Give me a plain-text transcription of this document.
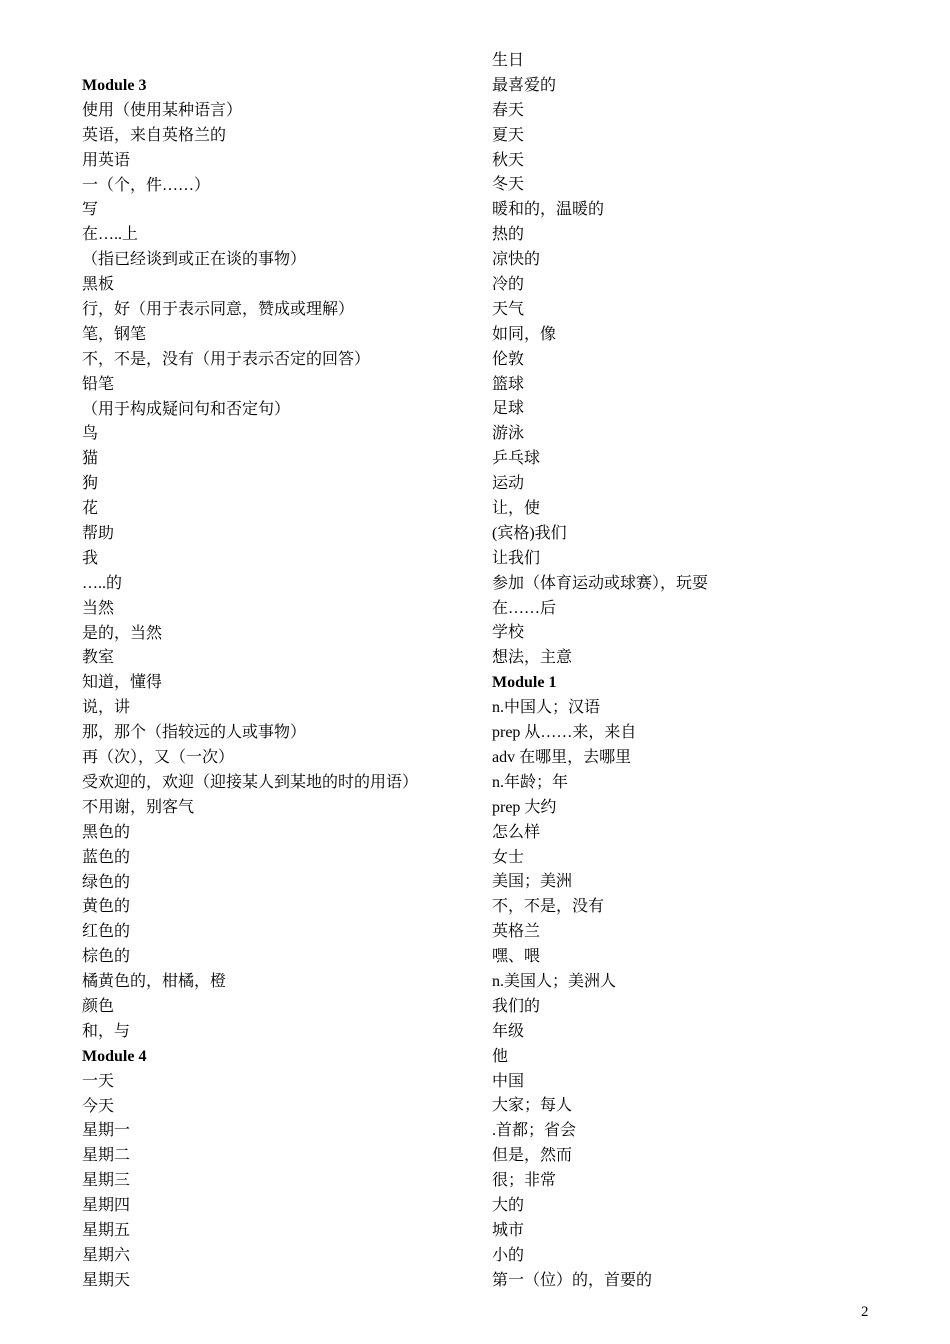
Module 3
使用（使用某种语言）
英语，来自英格兰的
用英语
一（个，件……）
写
在…..上
（指已经谈到或正在谈的事物）
黑板
行，好（用于表示同意，赞成或理解）
笔，钢笔
不，不是，没有（用于表示否定的回答）
铅笔
（用于构成疑问句和否定句）
鸟
猫
狗
花
帮助
我
…..的
当然
是的，当然
教室
知道，懂得
说，讲
那，那个（指较远的人或事物）
再（次），又（一次）
受欢迎的，欢迎（迎接某人到某地的时的用语）
不用谢，别客气
黑色的
蓝色的
绿色的
黄色的
红色的
棕色的
橘黄色的，柑橘，橙
颜色
和，与
Module 4
一天
今天
星期一
星期二
星期三
星期四
星期五
星期六
星期天
生日
最喜爱的
春天
夏天
秋天
冬天
暖和的，温暖的
热的
凉快的
冷的
天气
如同，像
伦敦
篮球
足球
游泳
乒乓球
运动
让，使
(宾格)我们
让我们
参加（体育运动或球赛），玩耍
在……后
学校
想法，主意
Module 1
n.中国人；汉语
prep 从……来，来自
adv 在哪里，去哪里
n.年龄；年
prep 大约
怎么样
女士
美国；美洲
不，不是，没有
英格兰
嘿、喂
n.美国人；美洲人
我们的
年级
他
中国
大家；每人
.首都；省会
但是，然而
很；非常
大的
城市
小的
第一（位）的，首要的
2
